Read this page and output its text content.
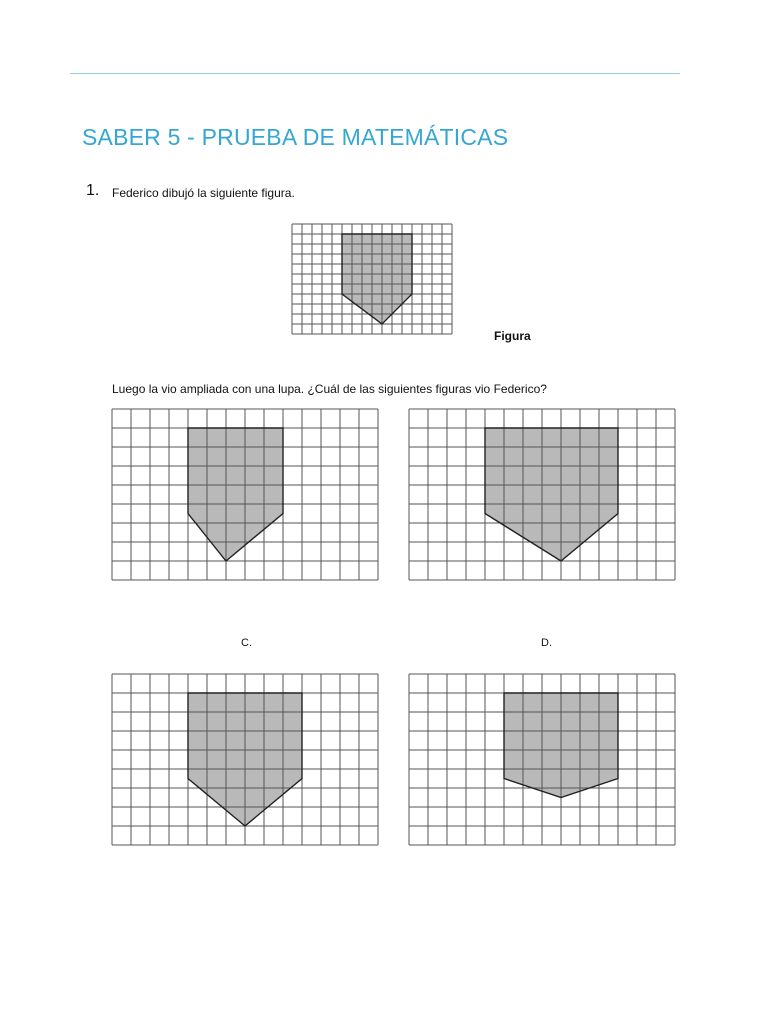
SABER 5 - PRUEBA DE MATEMÁTICAS
1. Federico dibujó la siguiente figura.
Figura
Luego la vio ampliada con una lupa. ¿Cuál de las siguientes figuras vio Federico?
C.	D.
